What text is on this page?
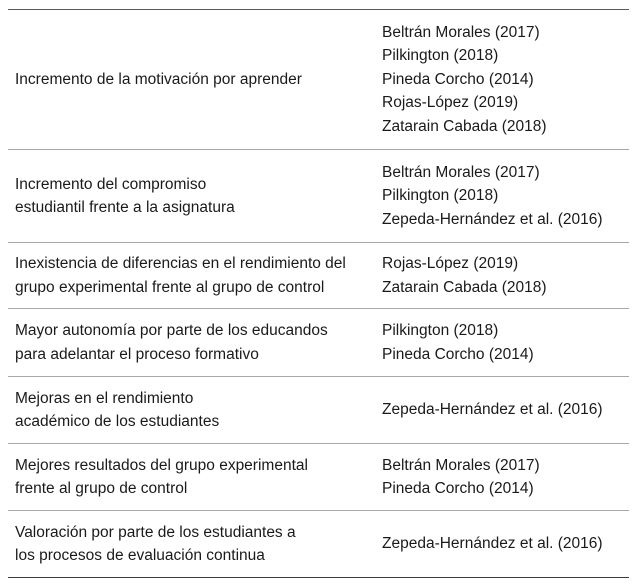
Incremento de la motivación por aprender
Beltrán Morales (2017)
Pilkington (2018)
Pineda Corcho (2014)
Rojas-López (2019)
Zatarain Cabada (2018)
Incremento del compromiso
estudiantil frente a la asignatura
Beltrán Morales (2017)
Pilkington (2018)
Zepeda-Hernández et al. (2016)
Inexistencia de diferencias en el rendimiento del
grupo experimental frente al grupo de control
Rojas-López (2019)
Zatarain Cabada (2018)
Mayor autonomía por parte de los educandos
para adelantar el proceso formativo
Pilkington (2018)
Pineda Corcho (2014)
Mejoras en el rendimiento
académico de los estudiantes
Zepeda-Hernández et al. (2016)
Mejores resultados del grupo experimental
frente al grupo de control
Beltrán Morales (2017)
Pineda Corcho (2014)
Valoración por parte de los estudiantes a
los procesos de evaluación continua
Zepeda-Hernández et al. (2016)
